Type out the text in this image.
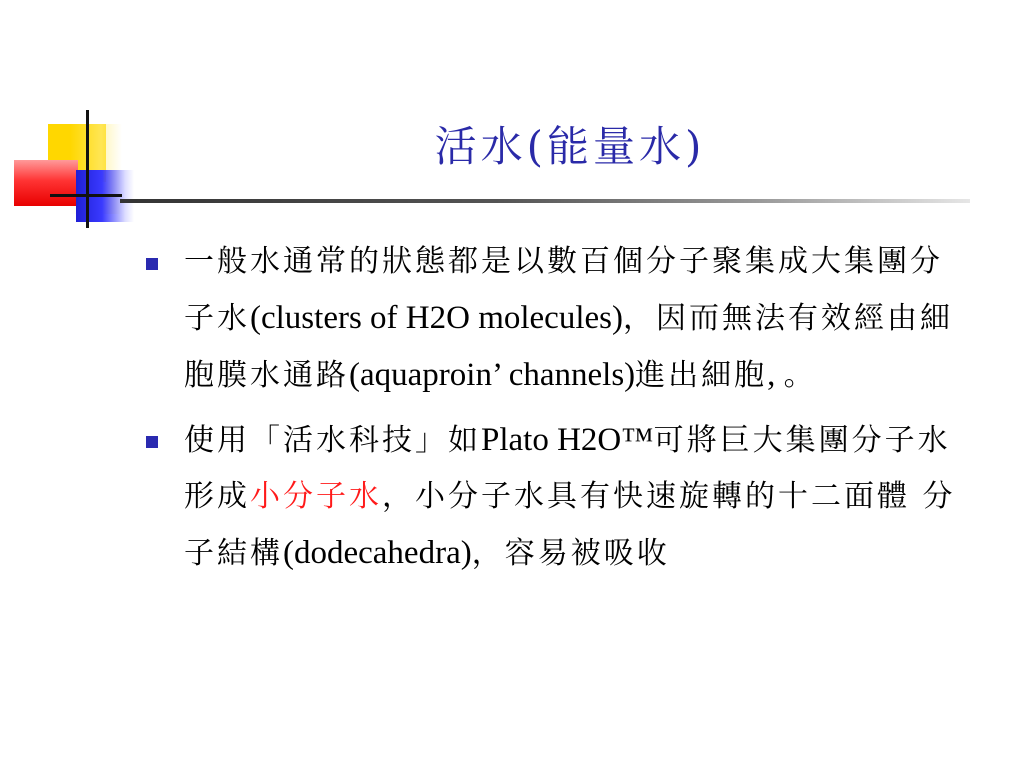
活水(能量水)
一般水通常的狀態都是以數百個分子聚集成大集團分子水(clusters of H2O molecules)，因而無法有效經由細胞膜水通路(aquaproin’ channels)進出細胞, 。
使用「活水科技」如Plato H2O™可將巨大集團分子水形成小分子水，小分子水具有快速旋轉的十二面體 分子結構(dodecahedra)，容易被吸收
